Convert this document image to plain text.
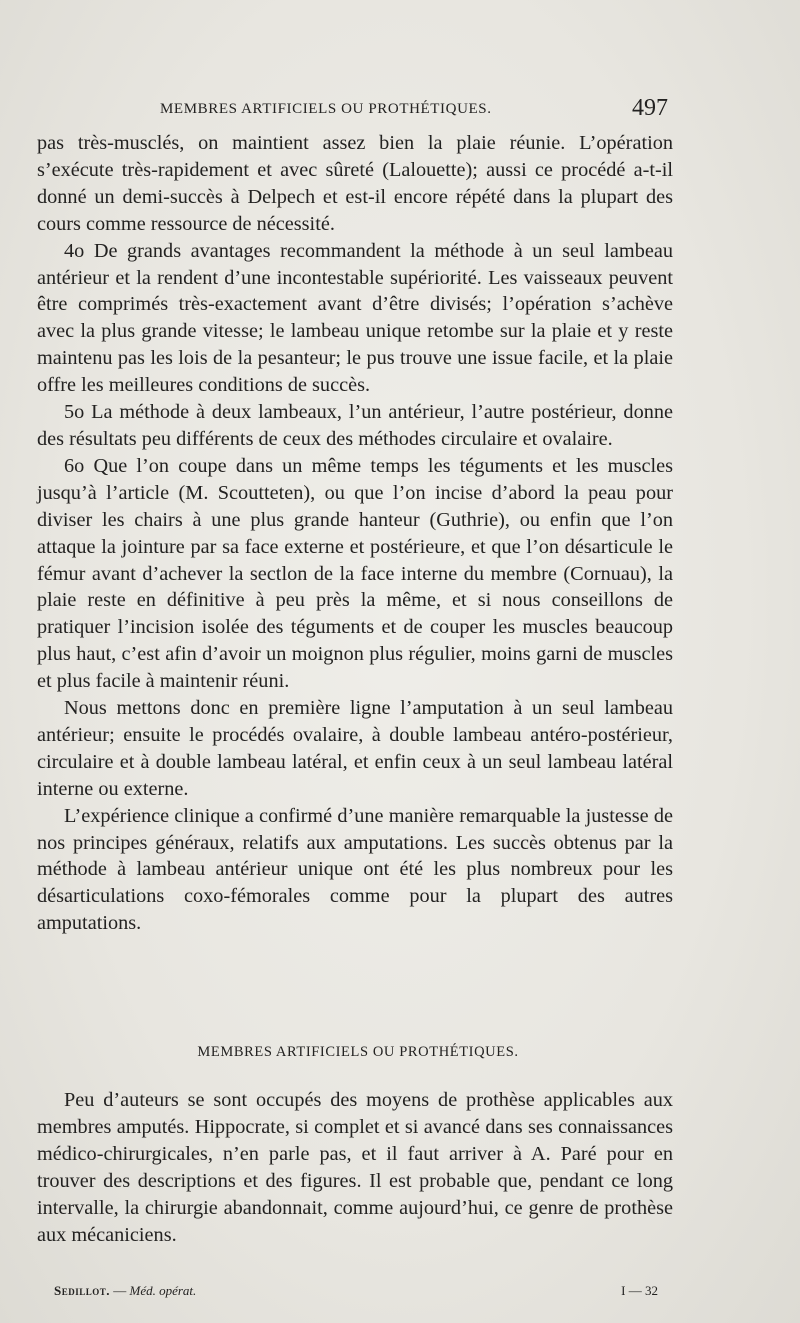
MEMBRES ARTIFICIELS OU PROTHÉTIQUES.	497

pas très-musclés, on maintient assez bien la plaie réunie. L’opération s’exécute très-rapidement et avec sûreté (Lalouette); aussi ce procédé a-t-il donné un demi-succès à Delpech et est-il encore répété dans la plupart des cours comme ressource de nécessité.

4o De grands avantages recommandent la méthode à un seul lambeau antérieur et la rendent d’une incontestable supériorité. Les vaisseaux peuvent être comprimés très-exactement avant d’être divisés; l’opération s’achève avec la plus grande vitesse; le lambeau unique retombe sur la plaie et y reste maintenu pas les lois de la pesanteur; le pus trouve une issue facile, et la plaie offre les meilleures conditions de succès.

5o La méthode à deux lambeaux, l’un antérieur, l’autre postérieur, donne des résultats peu différents de ceux des méthodes circulaire et ovalaire.

6o Que l’on coupe dans un même temps les téguments et les muscles jusqu’à l’article (M. Scoutteten), ou que l’on incise d’abord la peau pour diviser les chairs à une plus grande hanteur (Guthrie), ou enfin que l’on attaque la jointure par sa face externe et postérieure, et que l’on désarticule le fémur avant d’achever la sectlon de la face interne du membre (Cornuau), la plaie reste en définitive à peu près la même, et si nous conseillons de pratiquer l’incision isolée des téguments et de couper les muscles beaucoup plus haut, c’est afin d’avoir un moignon plus régulier, moins garni de muscles et plus facile à maintenir réuni.

Nous mettons donc en première ligne l’amputation à un seul lambeau antérieur; ensuite le procédés ovalaire, à double lambeau antéro-postérieur, circulaire et à double lambeau latéral, et enfin ceux à un seul lambeau latéral interne ou externe.

L’expérience clinique a confirmé d’une manière remarquable la justesse de nos principes généraux, relatifs aux amputations. Les succès obtenus par la méthode à lambeau antérieur unique ont été les plus nombreux pour les désarticulations coxo-fémorales comme pour la plupart des autres amputations.

MEMBRES ARTIFICIELS OU PROTHÉTIQUES.

Peu d’auteurs se sont occupés des moyens de prothèse applicables aux membres amputés. Hippocrate, si complet et si avancé dans ses connaissances médico-chirurgicales, n’en parle pas, et il faut arriver à A. Paré pour en trouver des descriptions et des figures. Il est probable que, pendant ce long intervalle, la chirurgie abandonnait, comme aujourd’hui, ce genre de prothèse aux mécaniciens.

Sedillot. — Méd. opérat.	I — 32
